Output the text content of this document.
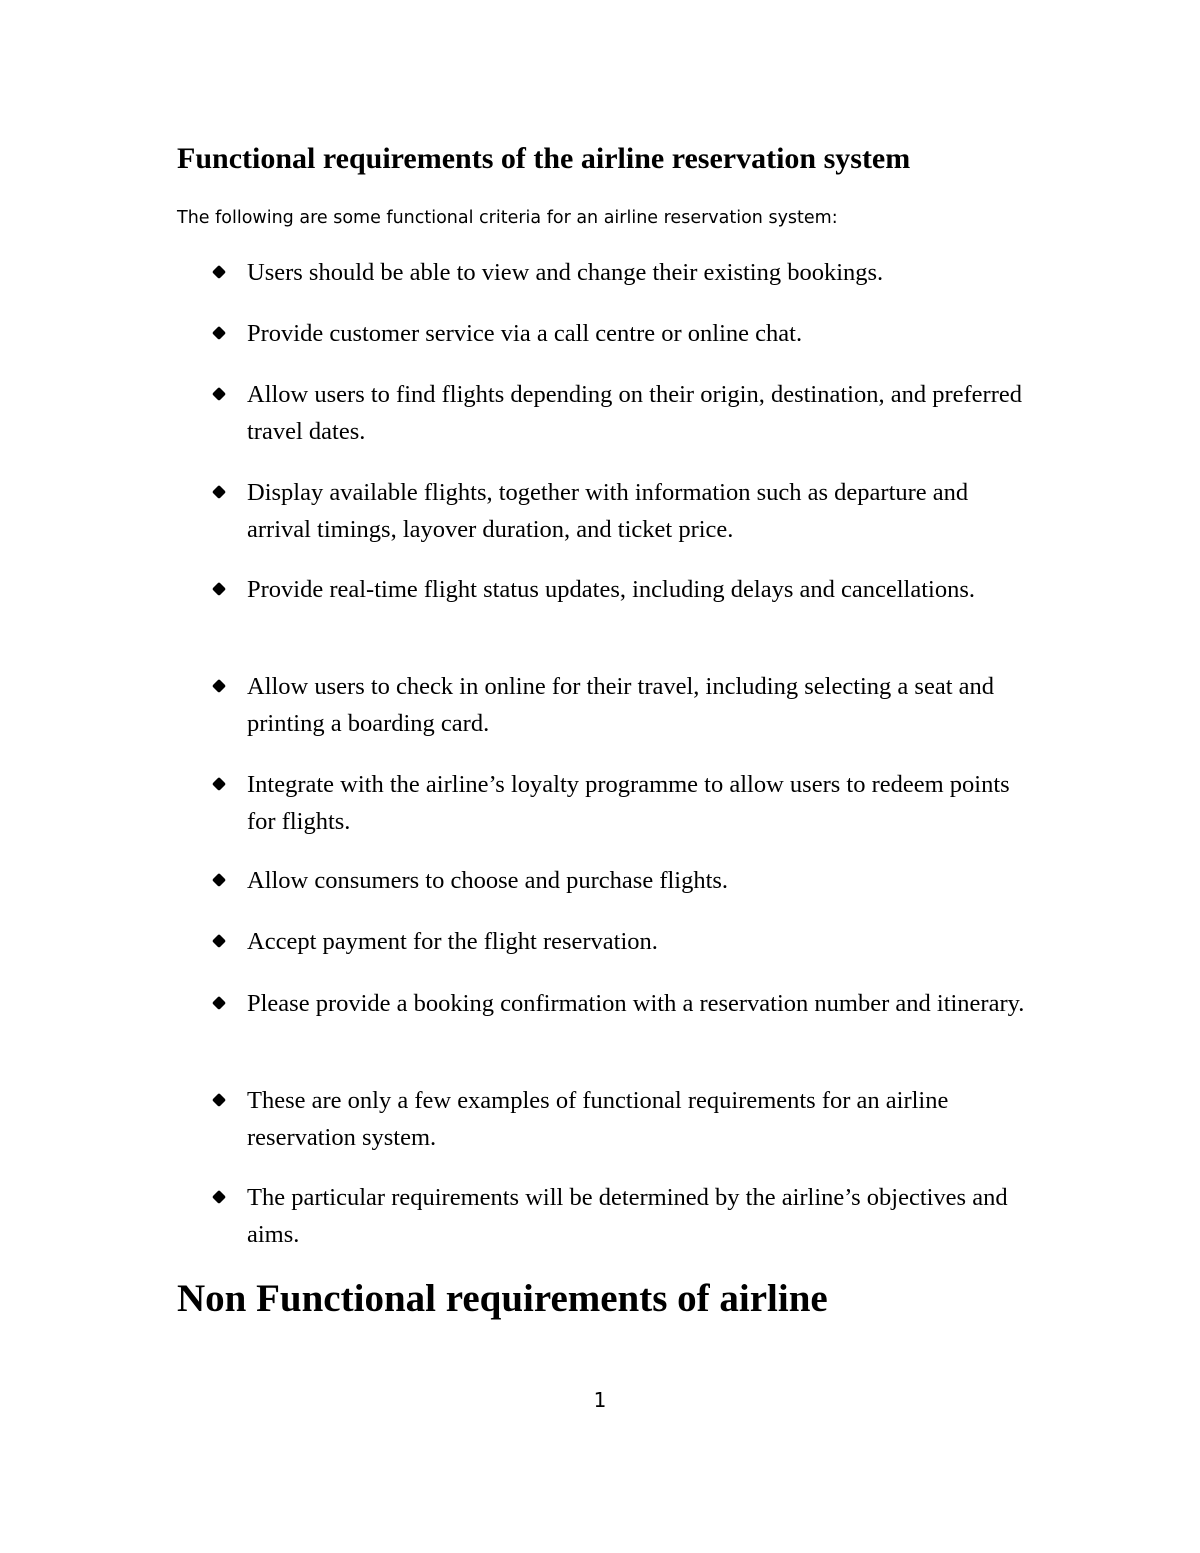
Functional requirements of the airline reservation system

The following are some functional criteria for an airline reservation system:

Users should be able to view and change their existing bookings.

Provide customer service via a call centre or online chat.

Allow users to find flights depending on their origin, destination, and preferred travel dates.

Display available flights, together with information such as departure and arrival timings, layover duration, and ticket price.

Provide real-time flight status updates, including delays and cancellations.

Allow users to check in online for their travel, including selecting a seat and printing a boarding card.

Integrate with the airline’s loyalty programme to allow users to redeem points for flights.

Allow consumers to choose and purchase flights.

Accept payment for the flight reservation.

Please provide a booking confirmation with a reservation number and itinerary.

These are only a few examples of functional requirements for an airline reservation system.

The particular requirements will be determined by the airline’s objectives and aims.

Non Functional requirements of airline
1
